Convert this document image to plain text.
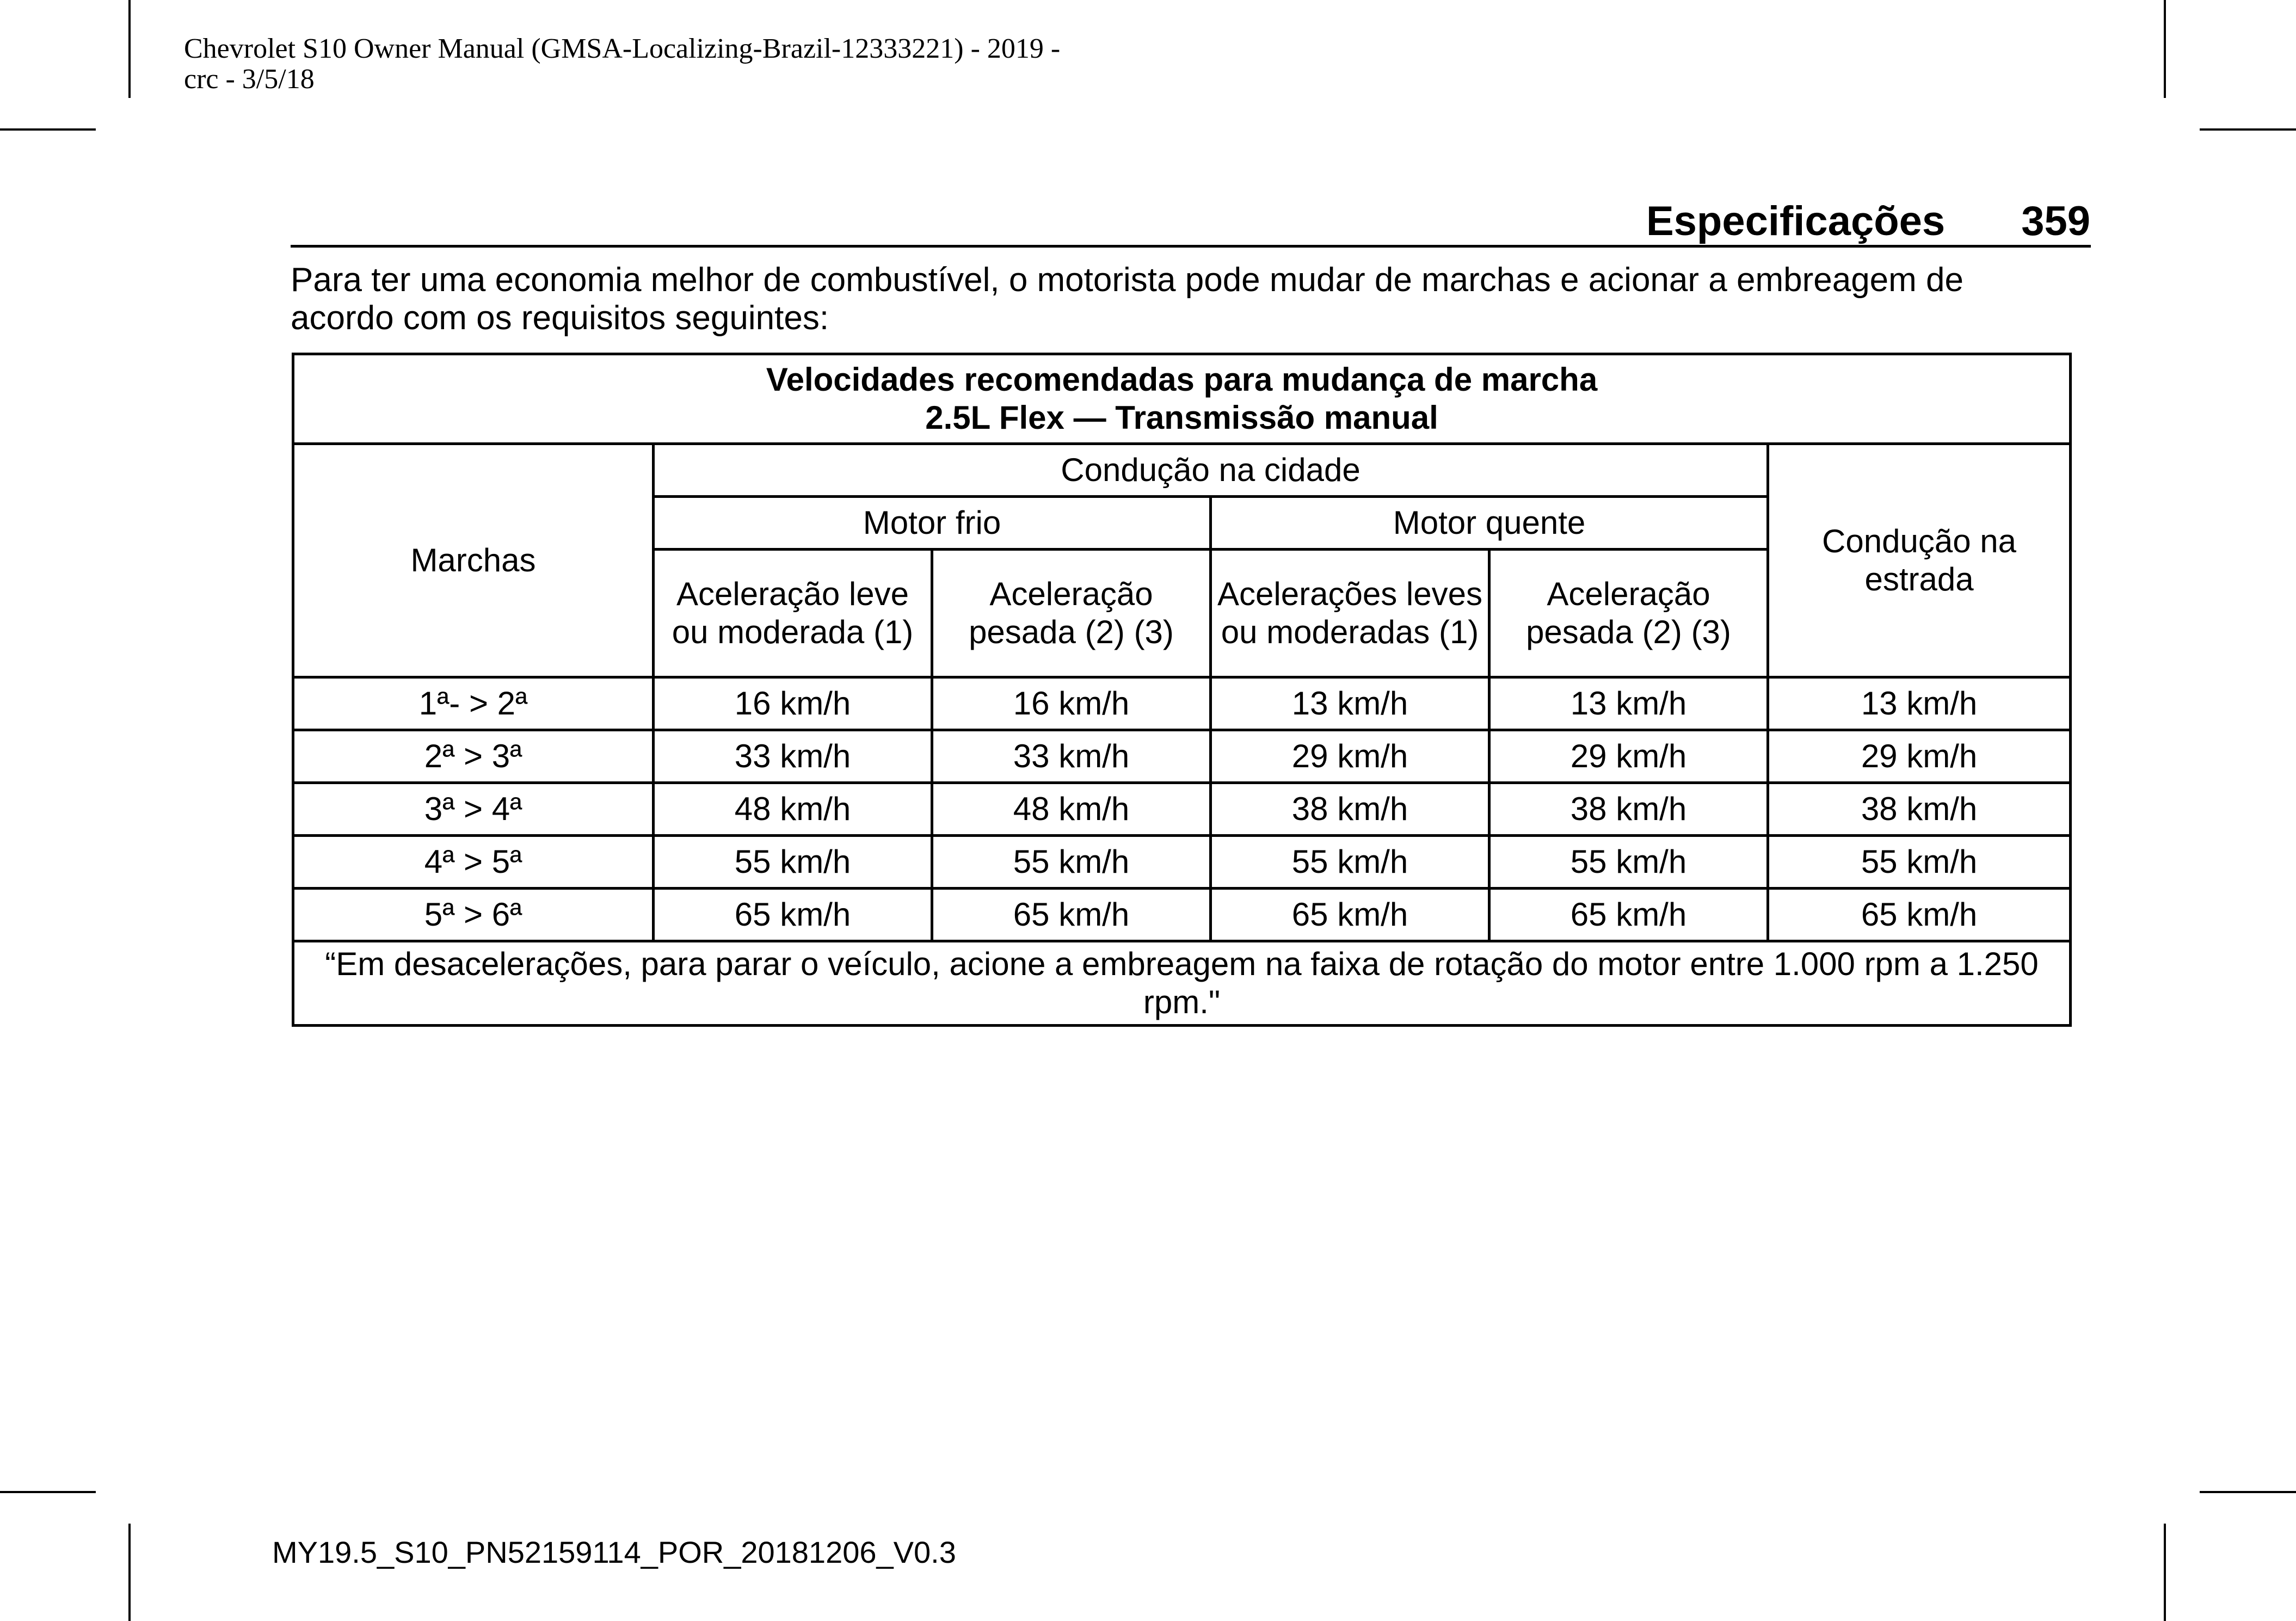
Chevrolet S10 Owner Manual (GMSA-Localizing-Brazil-12333221) - 2019 -
crc - 3/5/18
Especificações 359
Para ter uma economia melhor de combustível, o motorista pode mudar de marchas e acionar a embreagem de acordo com os requisitos seguintes:
Velocidades recomendadas para mudança de marcha
2.5L Flex — Transmissão manual					

Marchas	Condução na cidade				Condução na estrada
	Motor frio		Motor quente		
	Aceleração leve ou moderada (1)	Aceleração pesada (2) (3)	Acelerações leves ou moderadas (1)	Aceleração pesada (2) (3)	
1ª- > 2ª	16 km/h	16 km/h	13 km/h	13 km/h	13 km/h
2ª > 3ª	33 km/h	33 km/h	29 km/h	29 km/h	29 km/h
3ª > 4ª	48 km/h	48 km/h	38 km/h	38 km/h	38 km/h
4ª > 5ª	55 km/h	55 km/h	55 km/h	55 km/h	55 km/h
5ª > 6ª	65 km/h	65 km/h	65 km/h	65 km/h	65 km/h
“Em desacelerações, para parar o veículo, acione a embreagem na faixa de rotação do motor entre 1.000 rpm a 1.250 rpm."					
MY19.5_S10_PN52159114_POR_20181206_V0.3
